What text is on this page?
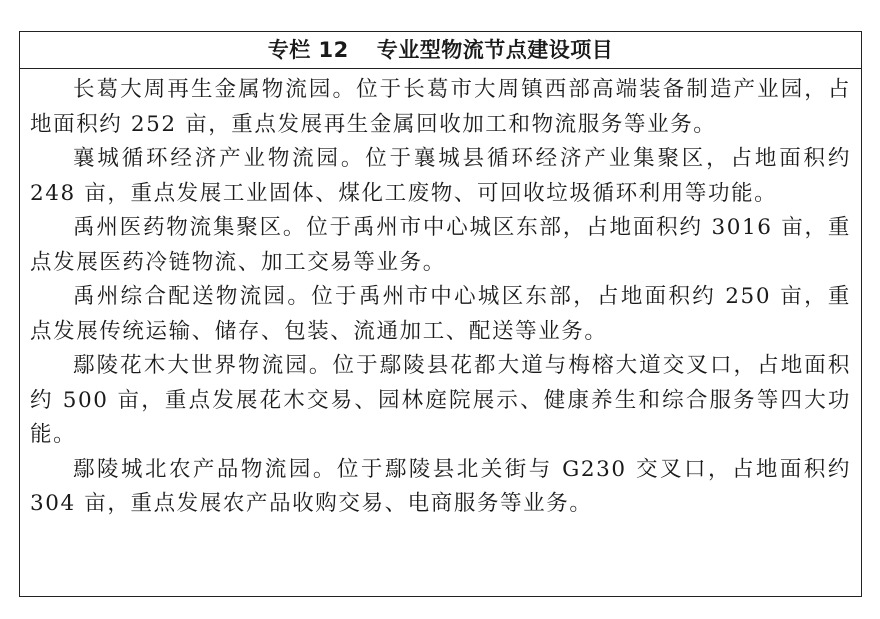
专栏 12 专业型物流节点建设项目

长葛大周再生金属物流园。位于长葛市大周镇西部高端装备制造产业园，占地面积约 252 亩，重点发展再生金属回收加工和物流服务等业务。

襄城循环经济产业物流园。位于襄城县循环经济产业集聚区，占地面积约 248 亩，重点发展工业固体、煤化工废物、可回收垃圾循环利用等功能。

禹州医药物流集聚区。位于禹州市中心城区东部，占地面积约 3016 亩，重点发展医药冷链物流、加工交易等业务。

禹州综合配送物流园。位于禹州市中心城区东部，占地面积约 250 亩，重点发展传统运输、储存、包装、流通加工、配送等业务。

鄢陵花木大世界物流园。位于鄢陵县花都大道与梅榕大道交叉口，占地面积约 500 亩，重点发展花木交易、园林庭院展示、健康养生和综合服务等四大功能。

鄢陵城北农产品物流园。位于鄢陵县北关街与 G230 交叉口，占地面积约 304 亩，重点发展农产品收购交易、电商服务等业务。
